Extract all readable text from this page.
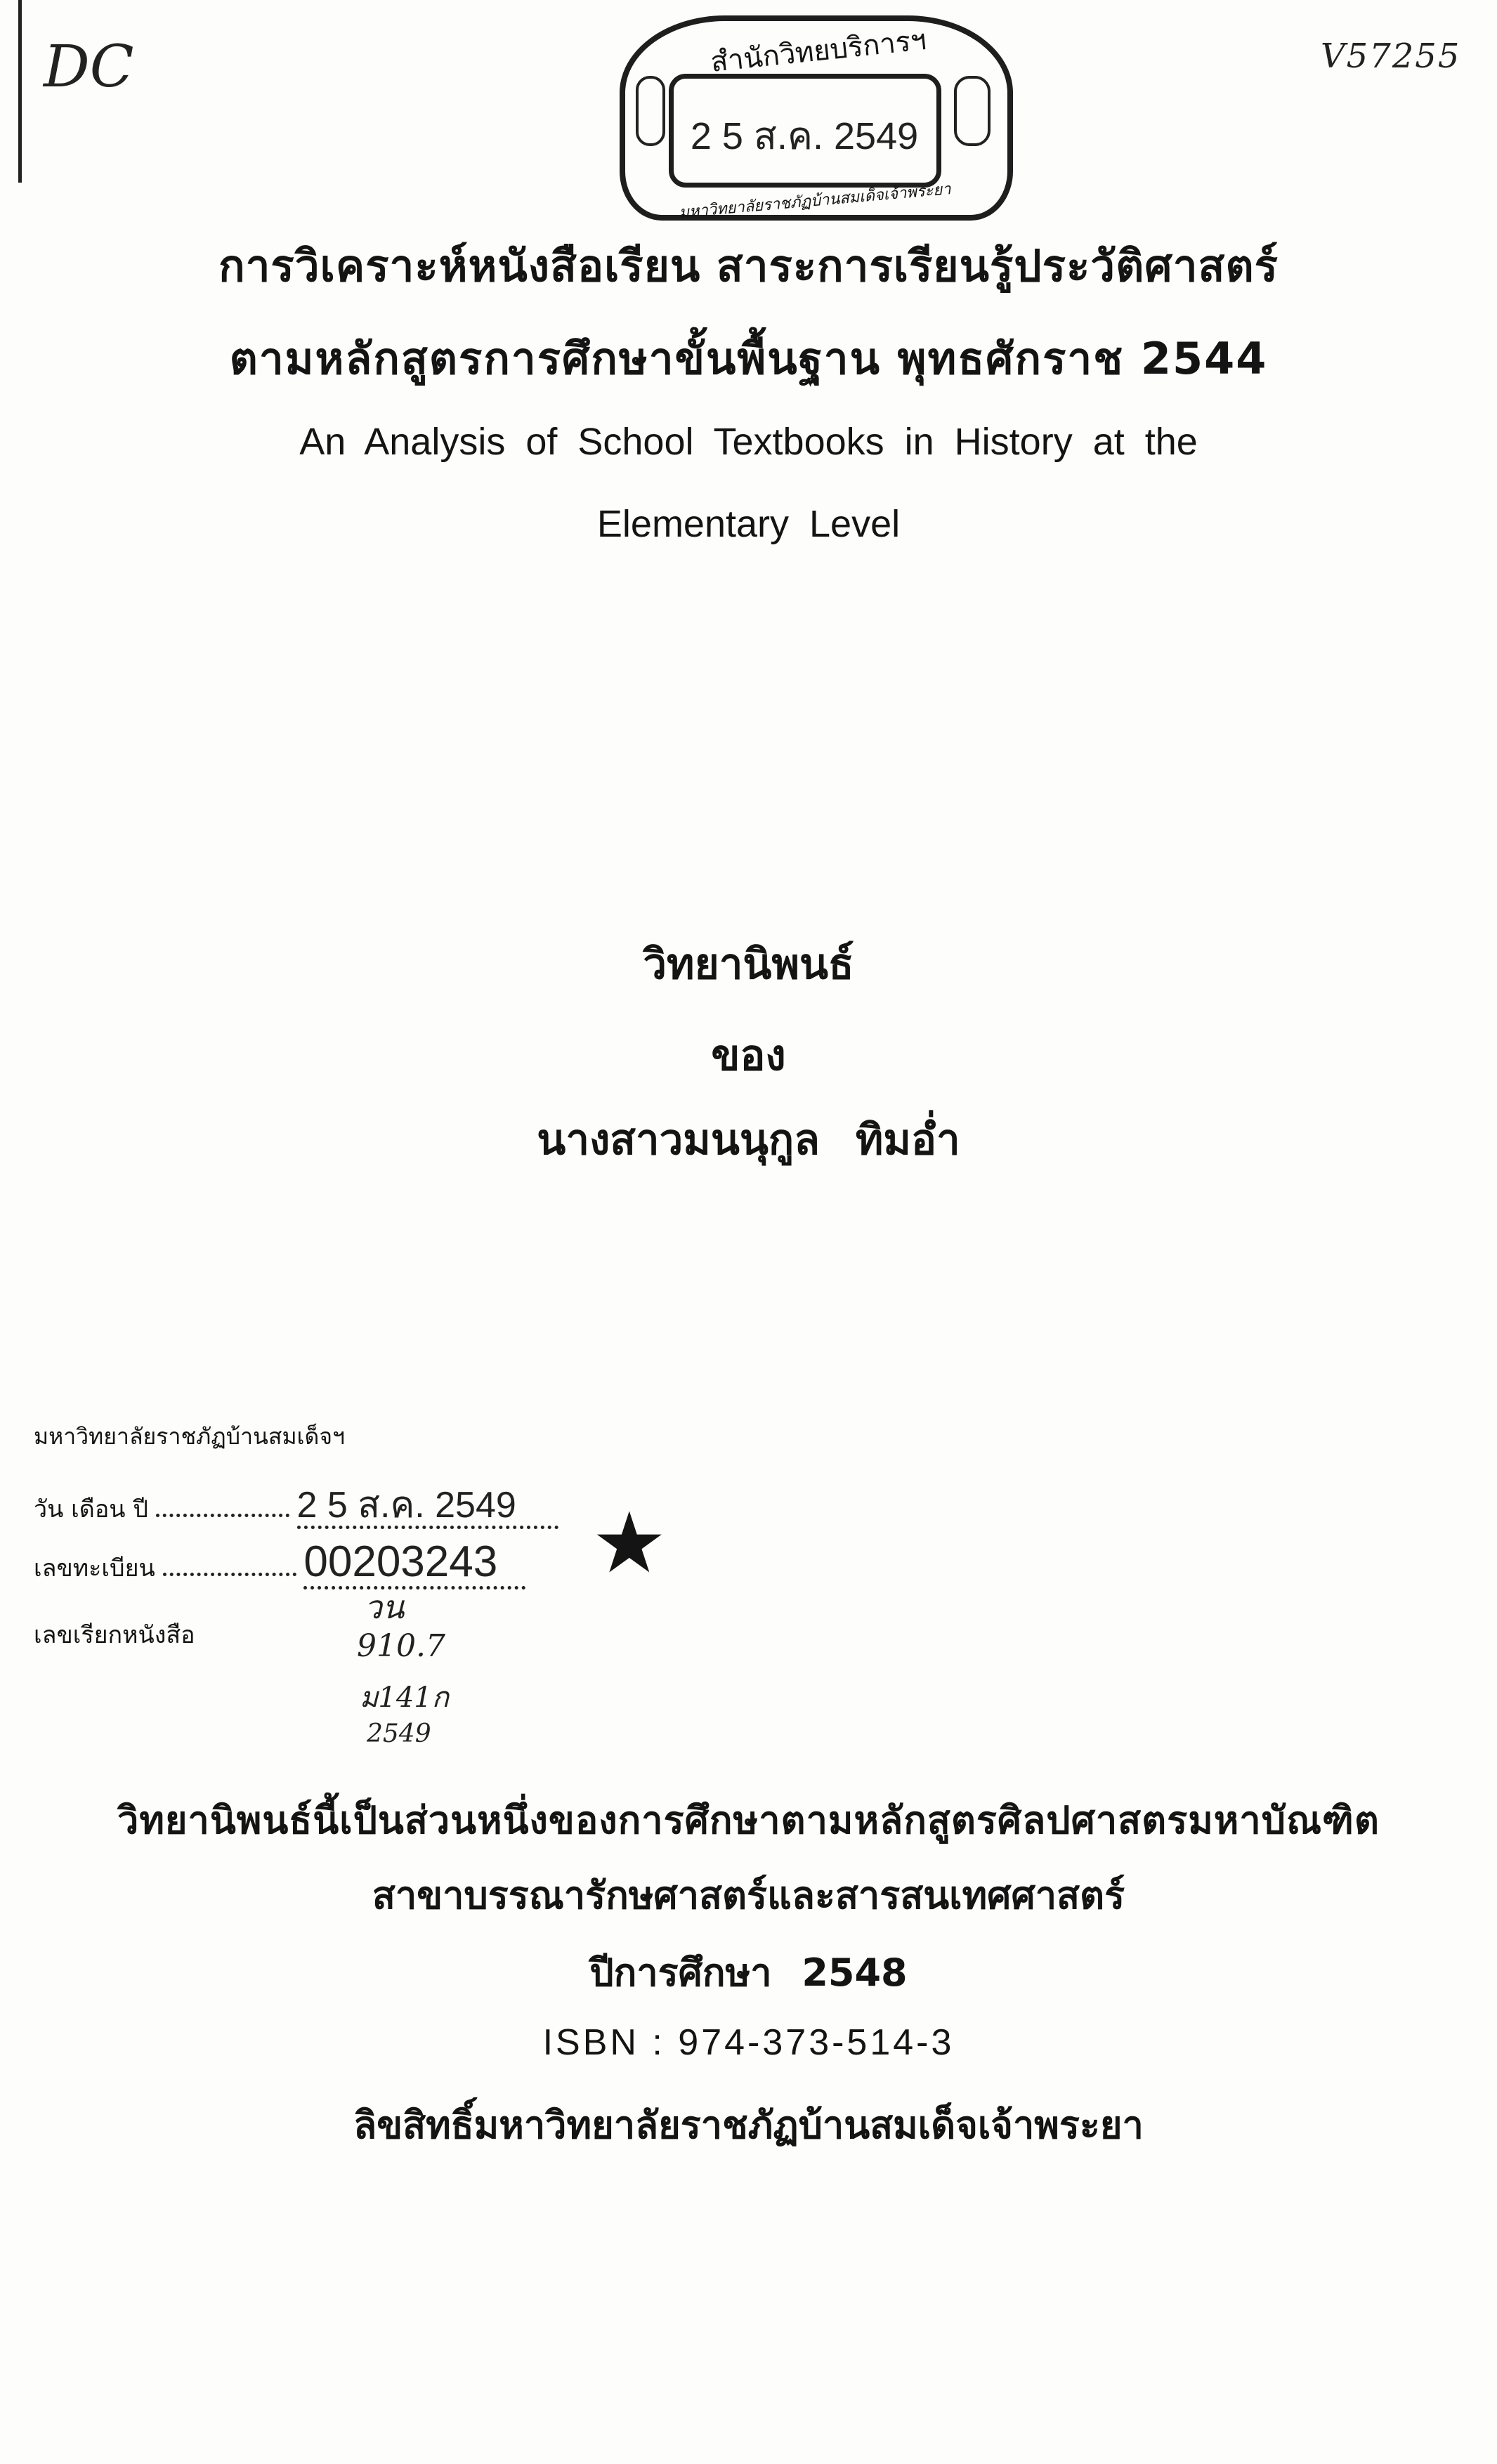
DC	V57255
สำนักวิทยบริการฯ
2 5 ส.ค. 2549
มหาวิทยาลัยราชภัฏบ้านสมเด็จเจ้าพระยา
การวิเคราะห์หนังสือเรียน สาระการเรียนรู้ประวัติศาสตร์
ตามหลักสูตรการศึกษาขั้นพื้นฐาน พุทธศักราช 2544
An Analysis of School Textbooks in History at the
Elementary Level
วิทยานิพนธ์
ของ
นางสาวมนนุกูล ทิมอ่ำ
มหาวิทยาลัยราชภัฏบ้านสมเด็จฯ
วัน เดือน ปี	2 5 ส.ค. 2549
เลขทะเบียน	00203243	★
เลขเรียกหนังสือ
วน
910.7
ม141ก
2549
วิทยานิพนธ์นี้เป็นส่วนหนึ่งของการศึกษาตามหลักสูตรศิลปศาสตรมหาบัณฑิต
สาขาบรรณารักษศาสตร์และสารสนเทศศาสตร์
ปีการศึกษา 2548
ISBN : 974-373-514-3
ลิขสิทธิ์มหาวิทยาลัยราชภัฏบ้านสมเด็จเจ้าพระยา
